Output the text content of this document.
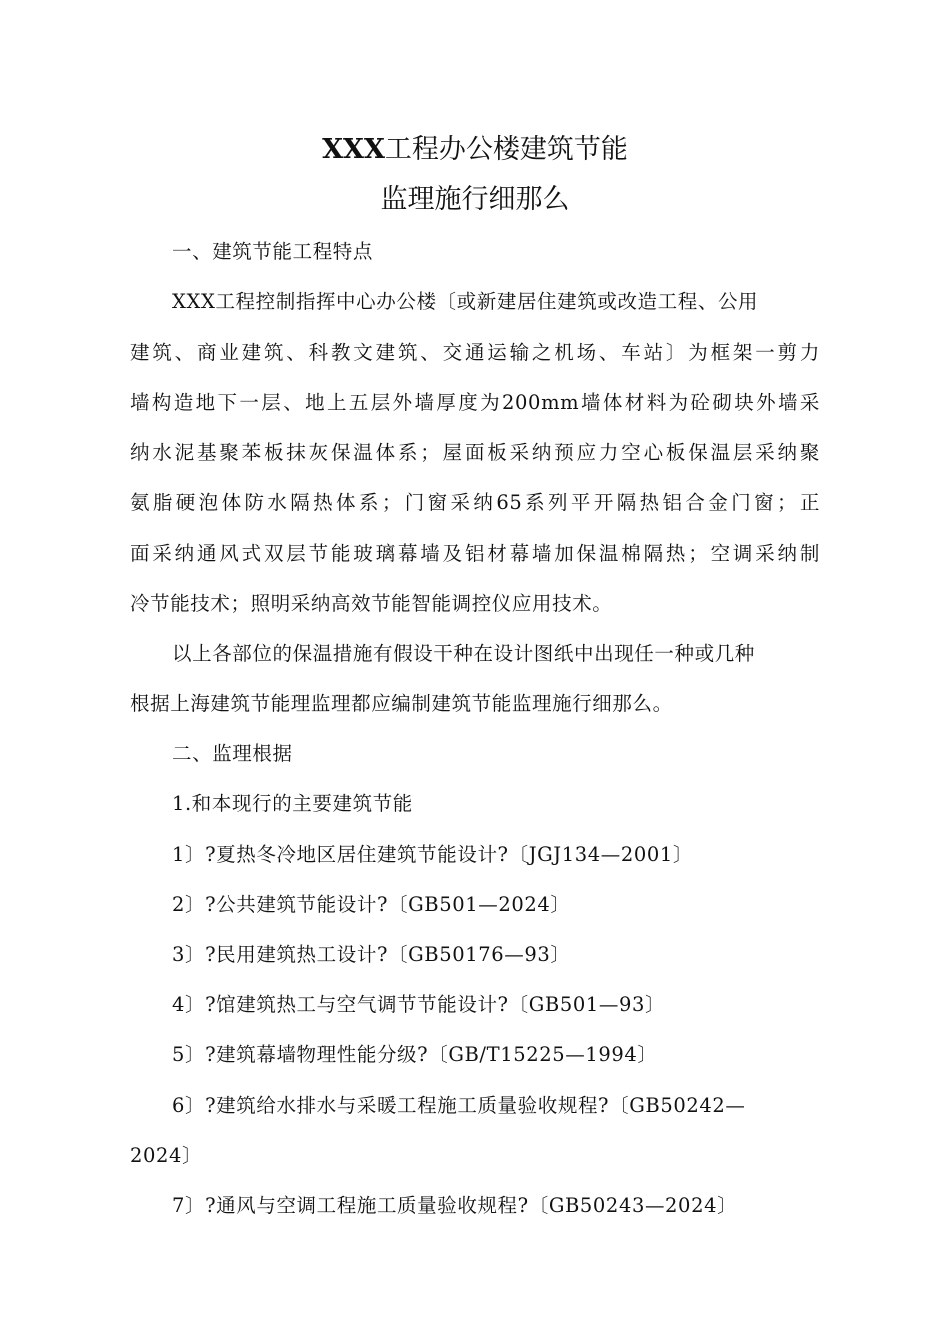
XXX工程办公楼建筑节能
监理施行细那么
一、建筑节能工程特点
XXX工程控制指挥中心办公楼〔或新建居住建筑或改造工程、公用
建筑、商业建筑、科教文建筑、交通运输之机场、车站〕为框架一剪力
墙构造地下一层、地上五层外墙厚度为200mm墙体材料为砼砌块外墙采
纳水泥基聚苯板抹灰保温体系；屋面板采纳预应力空心板保温层采纳聚
氨脂硬泡体防水隔热体系；门窗采纳65系列平开隔热铝合金门窗；正
面采纳通风式双层节能玻璃幕墙及铝材幕墙加保温棉隔热；空调采纳制
冷节能技术；照明采纳高效节能智能调控仪应用技术。
以上各部位的保温措施有假设干种在设计图纸中出现任一种或几种
根据上海建筑节能理监理都应编制建筑节能监理施行细那么。
二、监理根据
1.和本现行的主要建筑节能
1〕?夏热冬冷地区居住建筑节能设计?〔JGJ134—2001〕
2〕?公共建筑节能设计?〔GB501—2024〕
3〕?民用建筑热工设计?〔GB50176—93〕
4〕?馆建筑热工与空气调节节能设计?〔GB501—93〕
5〕?建筑幕墙物理性能分级?〔GB/T15225—1994〕
6〕?建筑给水排水与采暖工程施工质量验收规程?〔GB50242—
2024〕
7〕?通风与空调工程施工质量验收规程?〔GB50243—2024〕
